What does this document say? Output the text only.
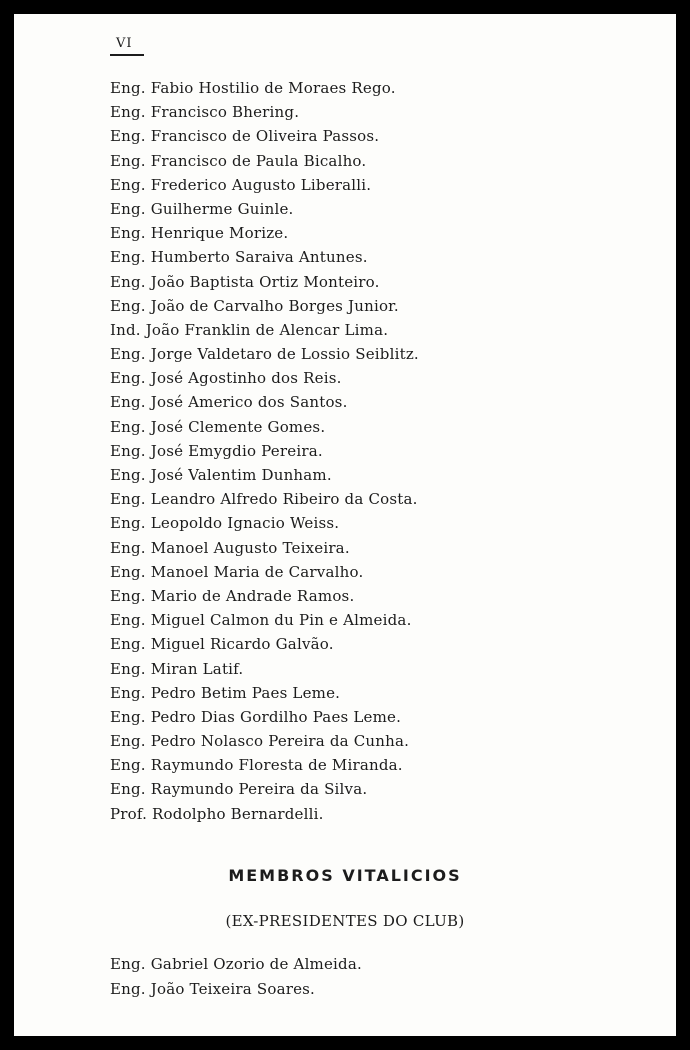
VI
Eng. Fabio Hostilio de Moraes Rego.
Eng. Francisco Bhering.
Eng. Francisco de Oliveira Passos.
Eng. Francisco de Paula Bicalho.
Eng. Frederico Augusto Liberalli.
Eng. Guilherme Guinle.
Eng. Henrique Morize.
Eng. Humberto Saraiva Antunes.
Eng. João Baptista Ortiz Monteiro.
Eng. João de Carvalho Borges Junior.
Ind. João Franklin de Alencar Lima.
Eng. Jorge Valdetaro de Lossio Seiblitz.
Eng. José Agostinho dos Reis.
Eng. José Americo dos Santos.
Eng. José Clemente Gomes.
Eng. José Emygdio Pereira.
Eng. José Valentim Dunham.
Eng. Leandro Alfredo Ribeiro da Costa.
Eng. Leopoldo Ignacio Weiss.
Eng. Manoel Augusto Teixeira.
Eng. Manoel Maria de Carvalho.
Eng. Mario de Andrade Ramos.
Eng. Miguel Calmon du Pin e Almeida.
Eng. Miguel Ricardo Galvão.
Eng. Miran Latif.
Eng. Pedro Betim Paes Leme.
Eng. Pedro Dias Gordilho Paes Leme.
Eng. Pedro Nolasco Pereira da Cunha.
Eng. Raymundo Floresta de Miranda.
Eng. Raymundo Pereira da Silva.
Prof. Rodolpho Bernardelli.
MEMBROS VITALICIOS
(EX-PRESIDENTES DO CLUB)
Eng. Gabriel Ozorio de Almeida.
Eng. João Teixeira Soares.
